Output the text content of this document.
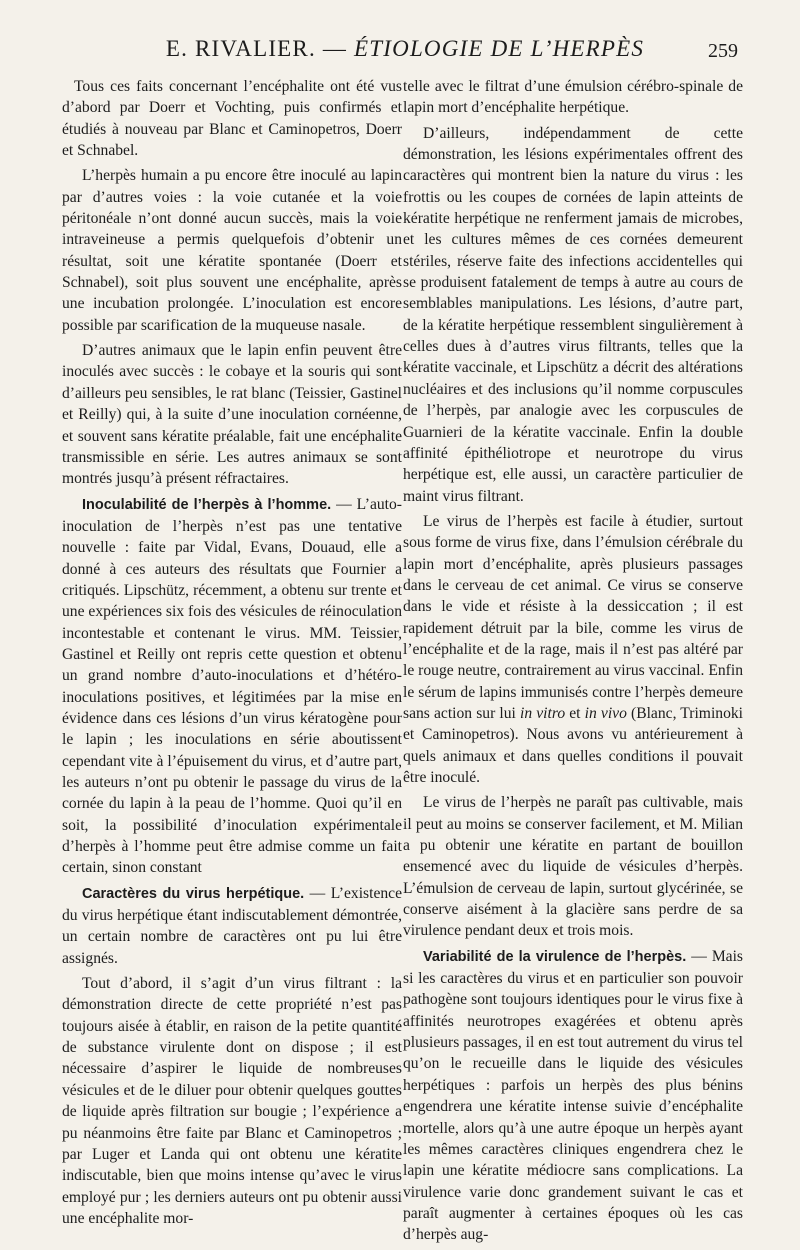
E. RIVALIER. — ÉTIOLOGIE DE L’HERPÈS	259

Tous ces faits concernant l’encéphalite ont été vus d’abord par Doerr et Vochting, puis confirmés et étudiés à nouveau par Blanc et Caminopetros, Doerr et Schnabel.

L’herpès humain a pu encore être inoculé au lapin par d’autres voies : la voie cutanée et la voie péritonéale n’ont donné aucun succès, mais la voie intraveineuse a permis quelquefois d’obtenir un résultat, soit une kératite spontanée (Doerr et Schnabel), soit plus souvent une encéphalite, après une incubation prolongée. L’inoculation est encore possible par scarification de la muqueuse nasale.

D’autres animaux que le lapin enfin peuvent être inoculés avec succès : le cobaye et la souris qui sont d’ailleurs peu sensibles, le rat blanc (Teissier, Gastinel et Reilly) qui, à la suite d’une inoculation cornéenne, et souvent sans kératite préalable, fait une encéphalite transmissible en série. Les autres animaux se sont montrés jusqu’à présent réfractaires.

Inoculabilité de l’herpès à l’homme. — L’auto-inoculation de l’herpès n’est pas une tentative nouvelle : faite par Vidal, Evans, Douaud, elle a donné à ces auteurs des résultats que Fournier a critiqués. Lipschütz, récemment, a obtenu sur trente et une expériences six fois des vésicules de réinoculation incontestable et contenant le virus. MM. Teissier, Gastinel et Reilly ont repris cette question et obtenu un grand nombre d’auto-inoculations et d’hétéro-inoculations positives, et légitimées par la mise en évidence dans ces lésions d’un virus kératogène pour le lapin ; les inoculations en série aboutissent cependant vite à l’épuisement du virus, et d’autre part, les auteurs n’ont pu obtenir le passage du virus de la cornée du lapin à la peau de l’homme. Quoi qu’il en soit, la possibilité d’inoculation expérimentale d’herpès à l’homme peut être admise comme un fait certain, sinon constant

Caractères du virus herpétique. — L’existence du virus herpétique étant indiscutablement démontrée, un certain nombre de caractères ont pu lui être assignés.

Tout d’abord, il s’agit d’un virus filtrant : la démonstration directe de cette propriété n’est pas toujours aisée à établir, en raison de la petite quantité de substance virulente dont on dispose ; il est nécessaire d’aspirer le liquide de nombreuses vésicules et de le diluer pour obtenir quelques gouttes de liquide après filtration sur bougie ; l’expérience a pu néanmoins être faite par Blanc et Caminopetros ; par Luger et Landa qui ont obtenu une kératite indiscutable, bien que moins intense qu’avec le virus employé pur ; les derniers auteurs ont pu obtenir aussi une encéphalite mor-

telle avec le filtrat d’une émulsion cérébro-spinale de lapin mort d’encéphalite herpétique.

D’ailleurs, indépendamment de cette démonstration, les lésions expérimentales offrent des caractères qui montrent bien la nature du virus : les frottis ou les coupes de cornées de lapin atteints de kératite herpétique ne renferment jamais de microbes, et les cultures mêmes de ces cornées demeurent stériles, réserve faite des infections accidentelles qui se produisent fatalement de temps à autre au cours de semblables manipulations. Les lésions, d’autre part, de la kératite herpétique ressemblent singulièrement à celles dues à d’autres virus filtrants, telles que la kératite vaccinale, et Lipschütz a décrit des altérations nucléaires et des inclusions qu’il nomme corpuscules de l’herpès, par analogie avec les corpuscules de Guarnieri de la kératite vaccinale. Enfin la double affinité épithéliotrope et neurotrope du virus herpétique est, elle aussi, un caractère particulier de maint virus filtrant.

Le virus de l’herpès est facile à étudier, surtout sous forme de virus fixe, dans l’émulsion cérébrale du lapin mort d’encéphalite, après plusieurs passages dans le cerveau de cet animal. Ce virus se conserve dans le vide et résiste à la dessiccation ; il est rapidement détruit par la bile, comme les virus de l’encéphalite et de la rage, mais il n’est pas altéré par le rouge neutre, contrairement au virus vaccinal. Enfin le sérum de lapins immunisés contre l’herpès demeure sans action sur lui in vitro et in vivo (Blanc, Triminoki et Caminopetros). Nous avons vu antérieurement à quels animaux et dans quelles conditions il pouvait être inoculé.

Le virus de l’herpès ne paraît pas cultivable, mais il peut au moins se conserver facilement, et M. Milian a pu obtenir une kératite en partant de bouillon ensemencé avec du liquide de vésicules d’herpès. L’émulsion de cerveau de lapin, surtout glycérinée, se conserve aisément à la glacière sans perdre de sa virulence pendant deux et trois mois.

Variabilité de la virulence de l’herpès. — Mais si les caractères du virus et en particulier son pouvoir pathogène sont toujours identiques pour le virus fixe à affinités neurotropes exagérées et obtenu après plusieurs passages, il en est tout autrement du virus tel qu’on le recueille dans le liquide des vésicules herpétiques : parfois un herpès des plus bénins engendrera une kératite intense suivie d’encéphalite mortelle, alors qu’à une autre époque un herpès ayant les mêmes caractères cliniques engendrera chez le lapin une kératite médiocre sans complications. La virulence varie donc grandement suivant le cas et paraît augmenter à certaines époques où les cas d’herpès aug-
